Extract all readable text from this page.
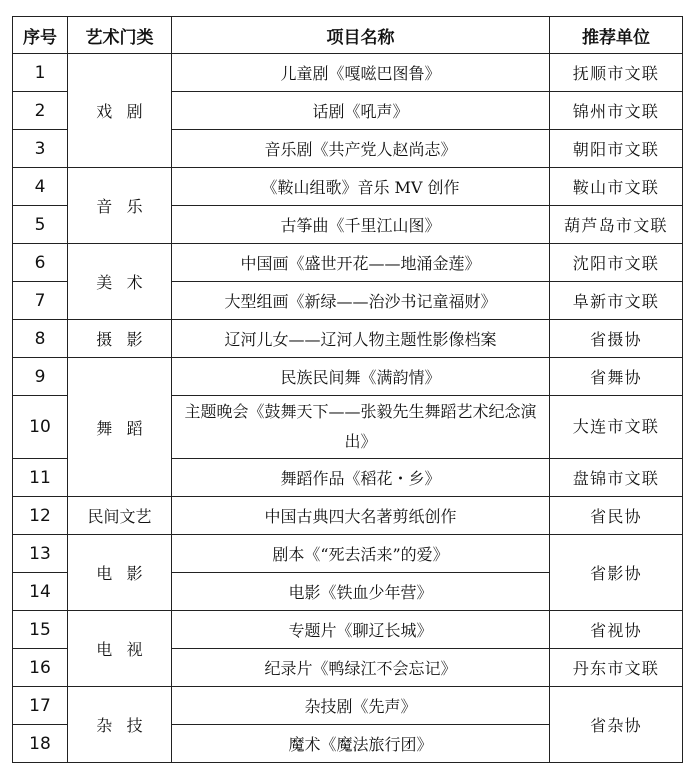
序号	艺术门类	项目名称	推荐单位
1	戏剧	儿童剧《嘎嗞巴图鲁》	抚顺市文联
2		话剧《吼声》	锦州市文联
3		音乐剧《共产党人赵尚志》	朝阳市文联
4	音乐	《鞍山组歌》音乐 MV 创作	鞍山市文联
5		古筝曲《千里江山图》	葫芦岛市文联
6	美术	中国画《盛世开花——地涌金莲》	沈阳市文联
7		大型组画《新绿——治沙书记童福财》	阜新市文联
8	摄影	辽河儿女——辽河人物主题性影像档案	省摄协
9	舞蹈	民族民间舞《满韵情》	省舞协
10		主题晚会《鼓舞天下——张毅先生舞蹈艺术纪念演出》	大连市文联
11		舞蹈作品《稻花・乡》	盘锦市文联
12	民间文艺	中国古典四大名著剪纸创作	省民协
13	电影	剧本《“死去活来”的爱》	省影协
14		电影《铁血少年营》	
15	电视	专题片《聊辽长城》	省视协
16		纪录片《鸭绿江不会忘记》	丹东市文联
17	杂技	杂技剧《先声》	省杂协
18		魔术《魔法旅行团》	
